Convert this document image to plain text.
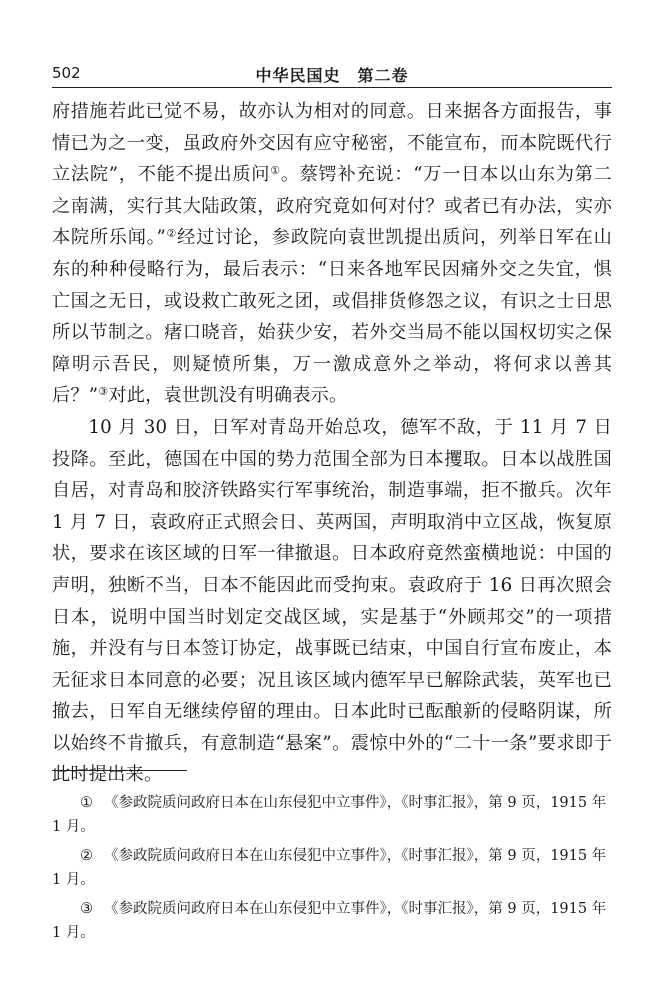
502	中华民国史　第二卷

府措施若此已觉不易，故亦认为相对的同意。日来据各方面报告，事情已为之一变，虽政府外交因有应守秘密，不能宣布，而本院既代行立法院”，不能不提出质问①。蔡锷补充说：“万一日本以山东为第二之南满，实行其大陆政策，政府究竟如何对付？或者已有办法，实亦本院所乐闻。”②经过讨论，参政院向袁世凯提出质问，列举日军在山东的种种侵略行为，最后表示：“日来各地军民因痛外交之失宜，惧亡国之无日，或设救亡敢死之团，或倡排货修怨之议，有识之士日思所以节制之。瘏口晓音，始获少安，若外交当局不能以国权切实之保障明示吾民，则疑愤所集，万一激成意外之举动，将何求以善其后？”③对此，袁世凯没有明确表示。

10 月 30 日，日军对青岛开始总攻，德军不敌，于 11 月 7 日投降。至此，德国在中国的势力范围全部为日本攫取。日本以战胜国自居，对青岛和胶济铁路实行军事统治，制造事端，拒不撤兵。次年 1 月 7 日，袁政府正式照会日、英两国，声明取消中立区战，恢复原状，要求在该区域的日军一律撤退。日本政府竟然蛮横地说：中国的声明，独断不当，日本不能因此而受拘束。袁政府于 16 日再次照会日本，说明中国当时划定交战区域，实是基于“外顾邦交”的一项措施，并没有与日本签订协定，战事既已结束，中国自行宣布废止，本无征求日本同意的必要；况且该区域内德军早已解除武装，英军也已撤去，日军自无继续停留的理由。日本此时已酝酿新的侵略阴谋，所以始终不肯撤兵，有意制造“悬案”。震惊中外的“二十一条”要求即于此时提出来。

① 《参政院质问政府日本在山东侵犯中立事件》，《时事汇报》，第 9 页，1915 年 1 月。

② 《参政院质问政府日本在山东侵犯中立事件》，《时事汇报》，第 9 页，1915 年 1 月。

③ 《参政院质问政府日本在山东侵犯中立事件》，《时事汇报》，第 9 页，1915 年 1 月。
